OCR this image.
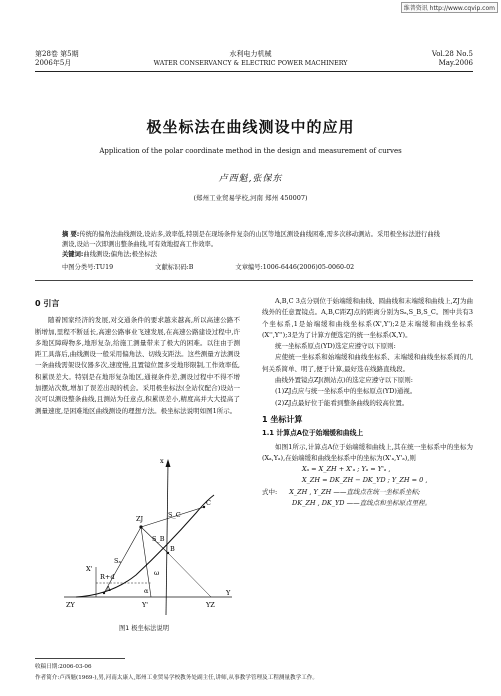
维普资讯 http://www.cqvip.com
第28卷 第5期
2006年5月
水利电力机械
WATER CONSERVANCY & ELECTRIC POWER MACHINERY
Vol.28 No.5
May.2006
极坐标法在曲线测设中的应用
Application of the polar coordinate method in the design and measurement of curves
卢西魁,张保东
(郑州工业贸易学校,河南 郑州 450007)
摘 要:传统的偏角法曲线测设,设站多,效率低,特别是在现场条件复杂的山区等地区测设曲线困难,需多次移动测站。采用极坐标法进行曲线测设,设站一次即测出整条曲线,可有效地提高工作效率。
关键词:曲线测设;偏角法;极坐标法
中图分类号:TU19	文献标识码:B	文章编号:1006-6446(2006)05-0060-02
0 引言

随着国家经济的发展,对交通条件的要求越来越高,所以高速公路不断增加,里程不断延长,高速公路事业飞速发展,在高速公路建设过程中,许多地区障碍物多,地形复杂,给施工测量带来了极大的困难。以往由于测距工具落后,曲线测设一般采用偏角法、切线支距法。这些测量方法测设一条曲线需架设仪器多次,速度慢,且置镜位置多受地形限制,工作效率低,积累误差大。特别是在地形复杂地区,通视条件差,测设过程中不得不增加摆站次数,增加了误差出现的机会。采用极坐标法(全站仪配合)设站一次可以测设整条曲线,且测站为任意点,积累误差小,精度高并大大提高了测量速度,是困难地区曲线测设的理想方法。极坐标法说明如图1所示。

x
Y
X'
Y'
ZJ
ZY	YZ
A
B
C
R+d
Sₐ
S_B
S_C
α
ω
图1 极坐标法说明

A,B,C 3点分别位于始端缓和曲线、圆曲线和末端缓和曲线上,ZJ为曲线外的任意置镜点。A,B,C距ZJ点的距离分别为Sₐ,S_B,S_C。图中共有3个坐标系,1是始端缓和曲线坐标系(X',Y');2是末端缓和曲线坐标系(X'',Y'');3是为了计算方便选定的统一坐标系(X,Y)。

统一坐标系原点(YD)选定应遵守以下原则:

应使统一坐标系和始端缓和曲线坐标系、末端缓和曲线坐标系间的几何关系简单、明了,便于计算,最好选在线路直线段。

曲线外置镜点ZJ(测站点)的选定应遵守以下原则:

(1)ZJ点应与统一坐标系中的坐标原点(YD)通视。

(2)ZJ点最好位于能看到整条曲线的较高位置。

1 坐标计算
1.1 计算点A位于始端缓和曲线上

如图1所示,计算点A位于始端缓和曲线上,其在统一坐标系中的坐标为(Xₐ,Yₐ),在始端缓和曲线坐标系中的坐标为(X'ₐ,Y'ₐ),则

Xₐ = X_ZH + X'ₐ ; Yₐ = Y'ₐ ,
X_ZH = DK_ZH − DK_YD ; Y_ZH = 0 ,
式中: X_ZH , Y_ZH ——直线点在统一坐标系坐标;
DK_ZH , DK_YD ——直线点和坐标原点里程。
收稿日期:2006-03-06
作者简介:卢西魁(1969-),男,河南太康人,郑州工业贸易学校教务处副主任,讲师,从事教学管理及工程测量教学工作。
